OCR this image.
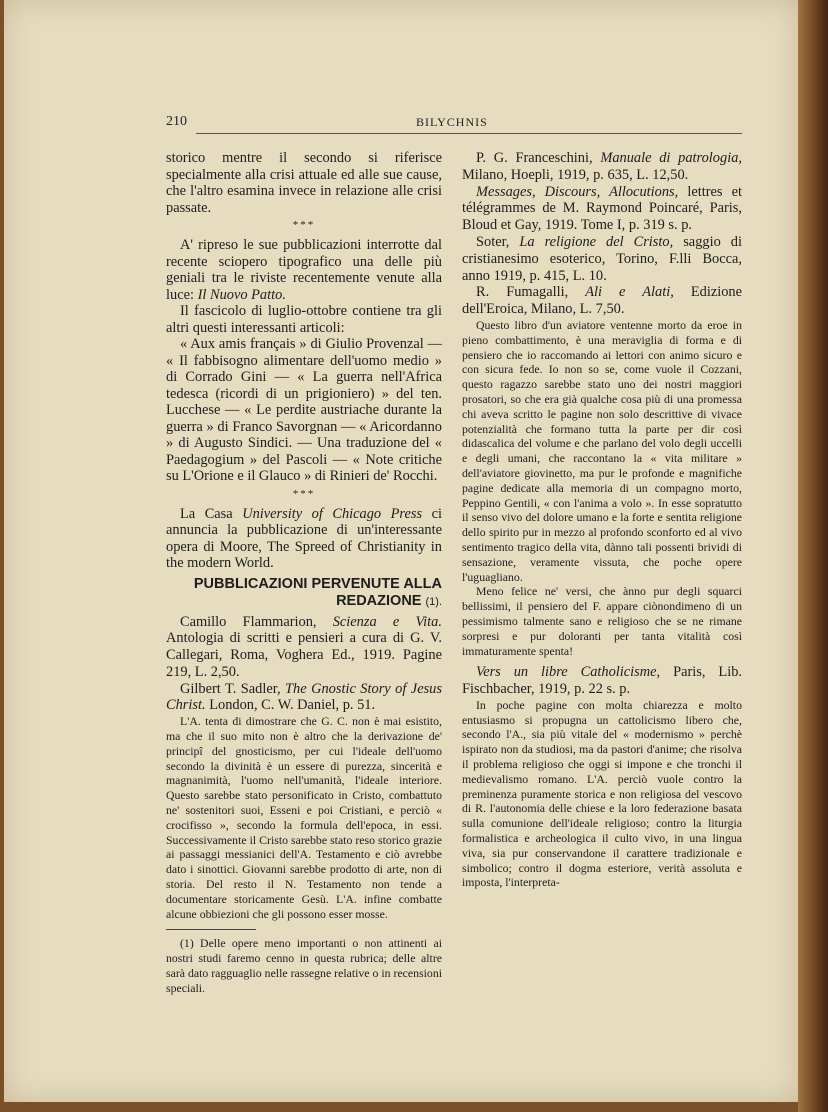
210	BILYCHNIS

storico mentre il secondo si riferisce specialmente alla crisi attuale ed alle sue cause, che l'altro esamina invece in relazione alle crisi passate.

***

A' ripreso le sue pubblicazioni interrotte dal recente sciopero tipografico una delle più geniali tra le riviste recentemente venute alla luce: Il Nuovo Patto.

Il fascicolo di luglio-ottobre contiene tra gli altri questi interessanti articoli:

« Aux amis français » di Giulio Provenzal — « Il fabbisogno alimentare dell'uomo medio » di Corrado Gini — « La guerra nell'Africa tedesca (ricordi di un prigioniero) » del ten. Lucchese — « Le perdite austriache durante la guerra » di Franco Savorgnan — « Aricordanno » di Augusto Sindici. — Una traduzione del « Paedagogium » del Pascoli — « Note critiche su L'Orione e il Glauco » di Rinieri de' Rocchi.

***

La Casa University of Chicago Press ci annuncia la pubblicazione di un'interessante opera di Moore, The Spreed of Christianity in the modern World.

PUBBLICAZIONI PERVENUTE ALLA REDAZIONE (1).

Camillo Flammarion, Scienza e Vita. Antologia di scritti e pensieri a cura di G. V. Callegari, Roma, Voghera Ed., 1919. Pagine 219, L. 2,50.

Gilbert T. Sadler, The Gnostic Story of Jesus Christ. London, C. W. Daniel, p. 51.

L'A. tenta di dimostrare che G. C. non è mai esistito, ma che il suo mito non è altro che la derivazione de' principî del gnosticismo, per cui l'ideale dell'uomo secondo la divinità è un essere di purezza, sincerità e magnanimità, l'uomo nell'umanità, l'ideale interiore. Questo sarebbe stato personificato in Cristo, combattuto ne' sostenitori suoi, Esseni e poi Cristiani, e perciò « crocifisso », secondo la formula dell'epoca, in essi. Successivamente il Cristo sarebbe stato reso storico grazie ai passaggi messianici dell'A. Testamento e ciò avrebbe dato i sinottici. Giovanni sarebbe prodotto di arte, non di storia. Del resto il N. Testamento non tende a documentare storicamente Gesù. L'A. infine combatte alcune obbiezioni che gli possono esser mosse.

(1) Delle opere meno importanti o non attinenti ai nostri studi faremo cenno in questa rubrica; delle altre sarà dato ragguaglio nelle rassegne relative o in recensioni speciali.

P. G. Franceschini, Manuale di patrologia, Milano, Hoepli, 1919, p. 635, L. 12,50.

Messages, Discours, Allocutions, lettres et télégrammes de M. Raymond Poincaré, Paris, Bloud et Gay, 1919. Tome I, p. 319 s. p.

Soter, La religione del Cristo, saggio di cristianesimo esoterico, Torino, F.lli Bocca, anno 1919, p. 415, L. 10.

R. Fumagalli, Ali e Alati, Edizione dell'Eroica, Milano, L. 7,50.

Questo libro d'un aviatore ventenne morto da eroe in pieno combattimento, è una meraviglia di forma e di pensiero che io raccomando ai lettori con animo sicuro e con sicura fede. Io non so se, come vuole il Cozzani, questo ragazzo sarebbe stato uno dei nostri maggiori prosatori, so che era già qualche cosa più di una promessa chi aveva scritto le pagine non solo descrittive di vivace potenzialità che formano tutta la parte per dir così didascalica del volume e che parlano del volo degli uccelli e degli umani, che raccontano la « vita militare » dell'aviatore giovinetto, ma pur le profonde e magnifiche pagine dedicate alla memoria di un compagno morto, Peppino Gentili, « con l'anima a volo ». In esse sopratutto il senso vivo del dolore umano e la forte e sentita religione dello spirito pur in mezzo al profondo sconforto ed al vivo sentimento tragico della vita, dànno tali possenti brividi di sensazione, veramente vissuta, che poche opere l'uguagliano.

Meno felice ne' versi, che ànno pur degli squarci bellissimi, il pensiero del F. appare ciònondimeno di un pessimismo talmente sano e religioso che se ne rimane sorpresi e pur doloranti per tanta vitalità così immaturamente spenta!

Vers un libre Catholicisme, Paris, Lib. Fischbacher, 1919, p. 22 s. p.

In poche pagine con molta chiarezza e molto entusiasmo si propugna un cattolicismo libero che, secondo l'A., sia più vitale del « modernismo » perchè ispirato non da studiosi, ma da pastori d'anime; che risolva il problema religioso che oggi si impone e che tronchi il medievalismo romano. L'A. perciò vuole contro la preminenza puramente storica e non religiosa del vescovo di R. l'autonomia delle chiese e la loro federazione basata sulla comunione dell'ideale religioso; contro la liturgia formalistica e archeologica il culto vivo, in una lingua viva, sia pur conservandone il carattere tradizionale e simbolico; contro il dogma esteriore, verità assoluta e imposta, l'interpreta-
